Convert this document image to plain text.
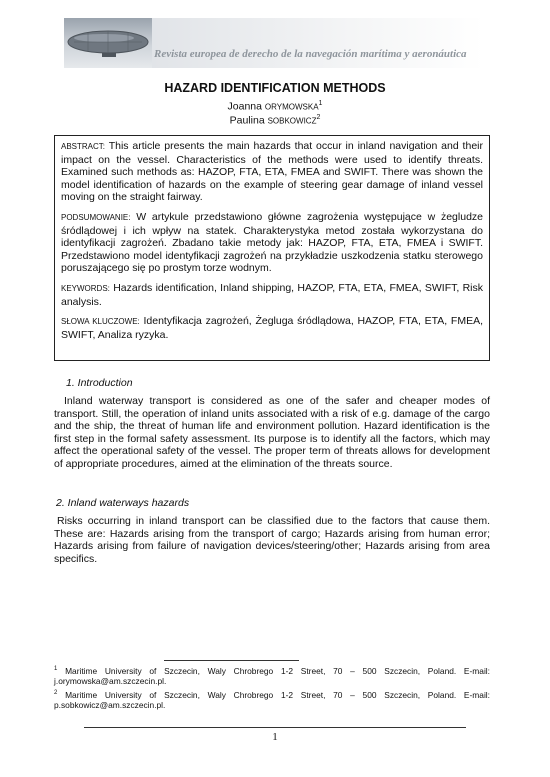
Revista europea de derecho de la navegación marítima y aeronáutica
HAZARD IDENTIFICATION METHODS
Joanna ORYMOWSKA$^1$
Paulina SOBKOWICZ$^2$

ABSTRACT: This article presents the main hazards that occur in inland navigation and their impact on the vessel. Characteristics of the methods were used to identify threats. Examined such methods as: HAZOP, FTA, ETA, FMEA and SWIFT. There was shown the model identification of hazards on the example of steering gear damage of inland vessel moving on the straight fairway.

PODSUMOWANIE: W artykule przedstawiono główne zagrożenia występujące w żegludze śródlądowej i ich wpływ na statek. Charakterystyka metod została wykorzystana do identyfikacji zagrożeń. Zbadano takie metody jak: HAZOP, FTA, ETA, FMEA i SWIFT. Przedstawiono model identyfikacji zagrożeń na przykładzie uszkodzenia statku sterowego poruszającego się po prostym torze wodnym.

KEYWORDS: Hazards identification, Inland shipping, HAZOP, FTA, ETA, FMEA, SWIFT, Risk analysis.

SŁOWA KLUCZOWE: Identyfikacja zagrożeń, Żegluga śródlądowa, HAZOP, FTA, ETA, FMEA, SWIFT, Analiza ryzyka.

1. Introduction

Inland waterway transport is considered as one of the safer and cheaper modes of transport. Still, the operation of inland units associated with a risk of e.g. damage of the cargo and the ship, the threat of human life and environment pollution. Hazard identification is the first step in the formal safety assessment. Its purpose is to identify all the factors, which may affect the operational safety of the vessel. The proper term of threats allows for development of appropriate procedures, aimed at the elimination of the threats source.

2. Inland waterways hazards

Risks occurring in inland transport can be classified due to the factors that cause them. These are: Hazards arising from the transport of cargo; Hazards arising from human error; Hazards arising from failure of navigation devices/steering/other; Hazards arising from area specifics.

$^1$ Maritime University of Szczecin, Waly Chrobrego 1-2 Street, 70 – 500 Szczecin, Poland. E-mail: j.orymowska@am.szczecin.pl.
$^2$ Maritime University of Szczecin, Waly Chrobrego 1-2 Street, 70 – 500 Szczecin, Poland. E-mail: p.sobkowicz@am.szczecin.pl.
1
